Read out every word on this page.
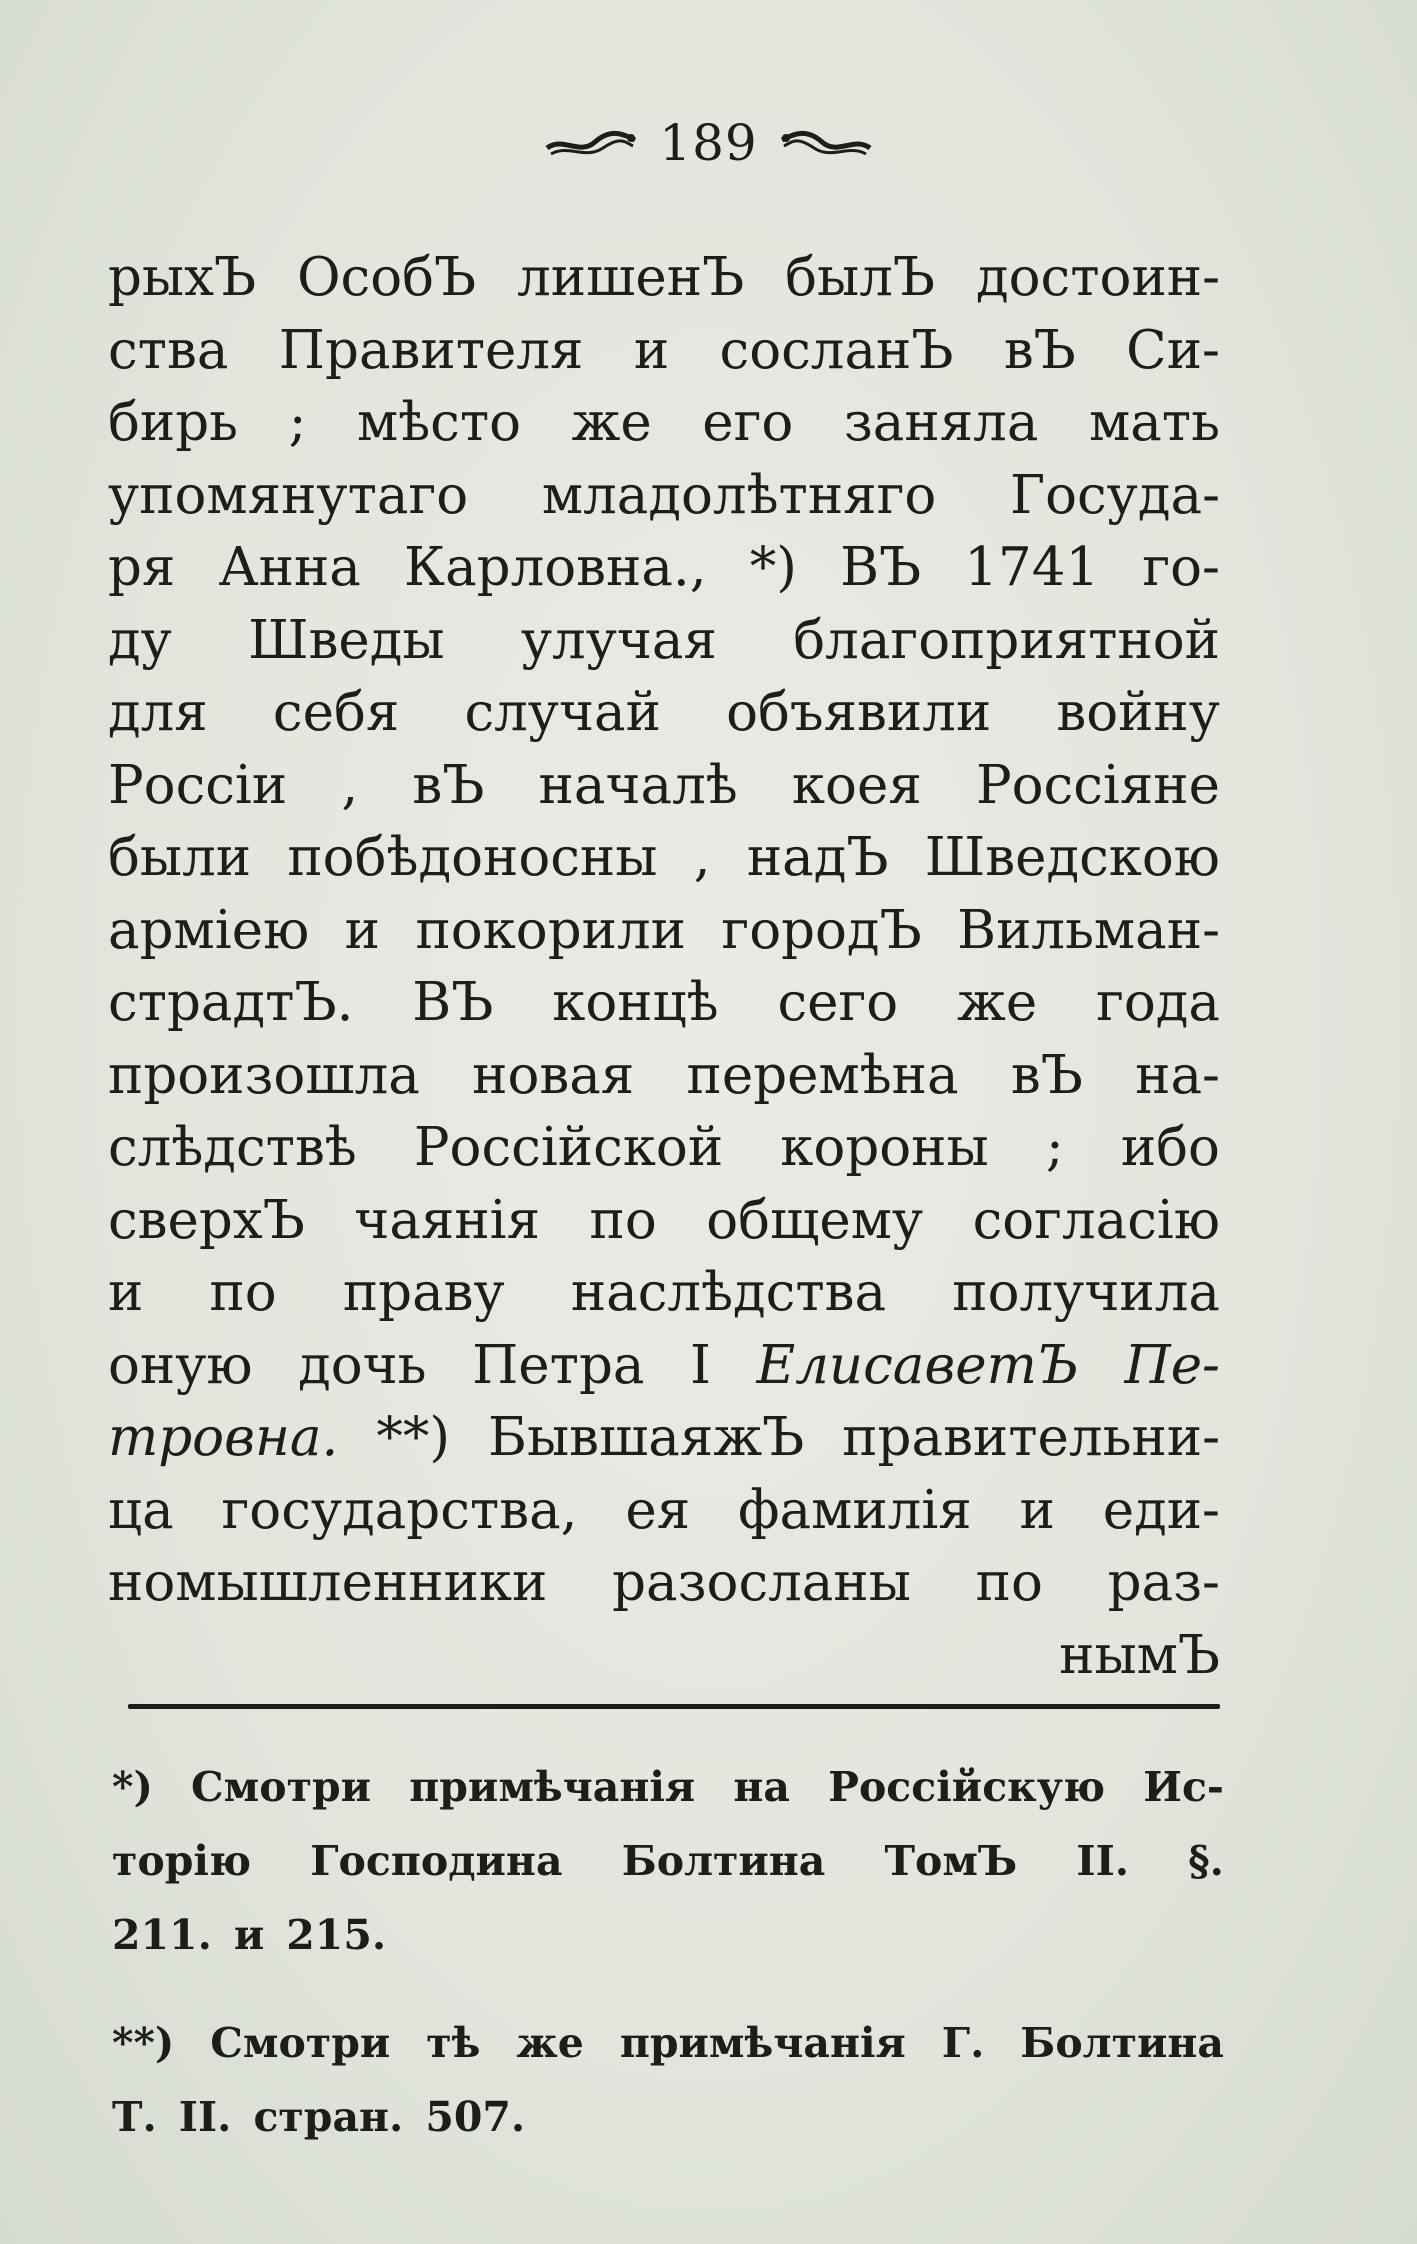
189
рыхЪ ОсобЪ лишенЪ былЪ достоин-
ства Правителя и сосланЪ вЪ Си-
бирь ; мѣсто же его заняла мать
упомянутаго младолѣтняго Госуда-
ря Анна Карловна., *) ВЪ 1741 го-
ду Шведы улучая благоприятной
для себя случай объявили войну
Россіи , вЪ началѣ коея Россіяне
были побѣдоносны , надЪ Шведскою
арміею и покорили городЪ Вильман-
страдтЪ. ВЪ концѣ сего же года
произошла новая перемѣна вЪ на-
слѣдствѣ Россійской короны ; ибо
сверхЪ чаянія по общему согласію
и по праву наслѣдства получила
оную дочь Петра I ЕлисаветЪ Пе-
тровна. **) БывшаяжЪ правительни-
ца государства, ея фамилія и еди-
номышленники разосланы по раз-
нымЪ
*) Смотри примѣчанія на Россійскую Ис-
торію Господина Болтина ТомЪ II. §.
211. и 215.
**) Смотри тѣ же примѣчанія Г. Болтина
Т. II. стран. 507.
